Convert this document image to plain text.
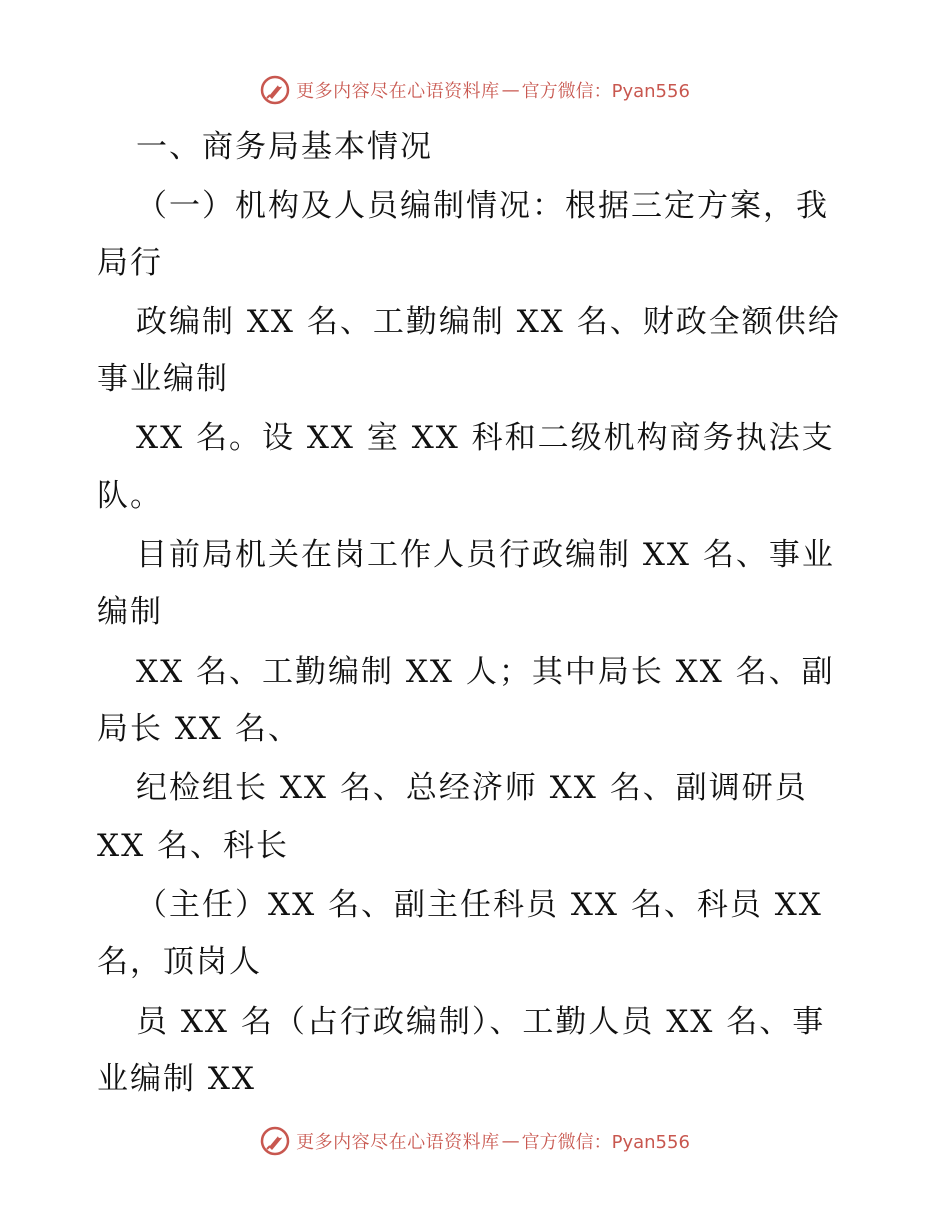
更多内容尽在心语资料库 — 官方微信：Pyan556
一、商务局基本情况
（一）机构及人员编制情况：根据三定方案，我
局行
政编制 XX 名、工勤编制 XX 名、财政全额供给
事业编制
XX 名。设 XX 室 XX 科和二级机构商务执法支
队。
目前局机关在岗工作人员行政编制 XX 名、事业
编制
XX 名、工勤编制 XX 人；其中局长 XX 名、副
局长 XX 名、
纪检组长 XX 名、总经济师 XX 名、副调研员
XX 名、科长
（主任）XX 名、副主任科员 XX 名、科员 XX
名，顶岗人
员 XX 名（占行政编制）、工勤人员 XX 名、事
业编制 XX
更多内容尽在心语资料库 — 官方微信：Pyan556
